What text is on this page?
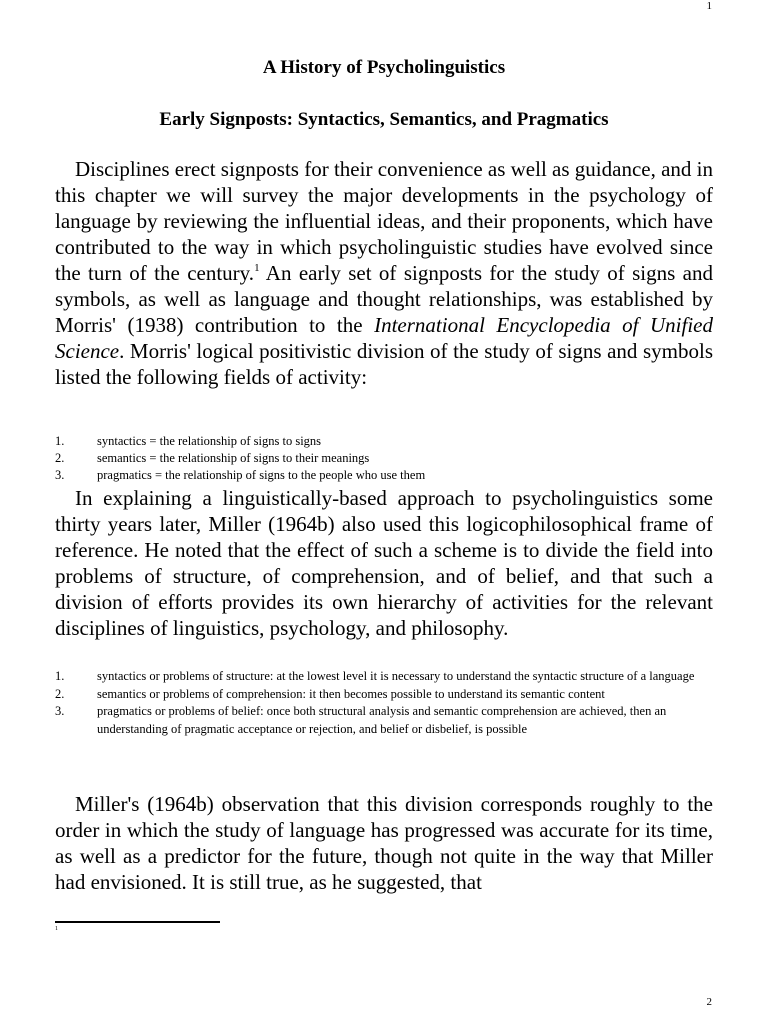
1
A History of Psycholinguistics
Early Signposts: Syntactics, Semantics, and Pragmatics

Disciplines erect signposts for their convenience as well as guidance, and in this chapter we will survey the major developments in the psychology of language by reviewing the influential ideas, and their proponents, which have contributed to the way in which psycholinguistic studies have evolved since the turn of the century.$^1$ An early set of signposts for the study of signs and symbols, as well as language and thought relationships, was established by Morris' (1938) contribution to the International Encyclopedia of Unified Science. Morris' logical positivistic division of the study of signs and symbols listed the following fields of activity:

1.	syntactics = the relationship of signs to signs
2.	semantics = the relationship of signs to their meanings
3.	pragmatics = the relationship of signs to the people who use them

In explaining a linguistically-based approach to psycholinguistics some thirty years later, Miller (1964b) also used this logicophilosophical frame of reference. He noted that the effect of such a scheme is to divide the field into problems of structure, of comprehension, and of belief, and that such a division of efforts provides its own hierarchy of activities for the relevant disciplines of linguistics, psychology, and philosophy.

1.	syntactics or problems of structure: at the lowest level it is necessary to understand the syntactic structure of a language
2.	semantics or problems of comprehension: it then becomes possible to understand its semantic content
3.	pragmatics or problems of belief: once both structural analysis and semantic comprehension are achieved, then an understanding of pragmatic acceptance or rejection, and belief or disbelief, is possible

Miller's (1964b) observation that this division corresponds roughly to the order in which the study of language has progressed was accurate for its time, as well as a predictor for the future, though not quite in the way that Miller had envisioned. It is still true, as he suggested, that

1
2
